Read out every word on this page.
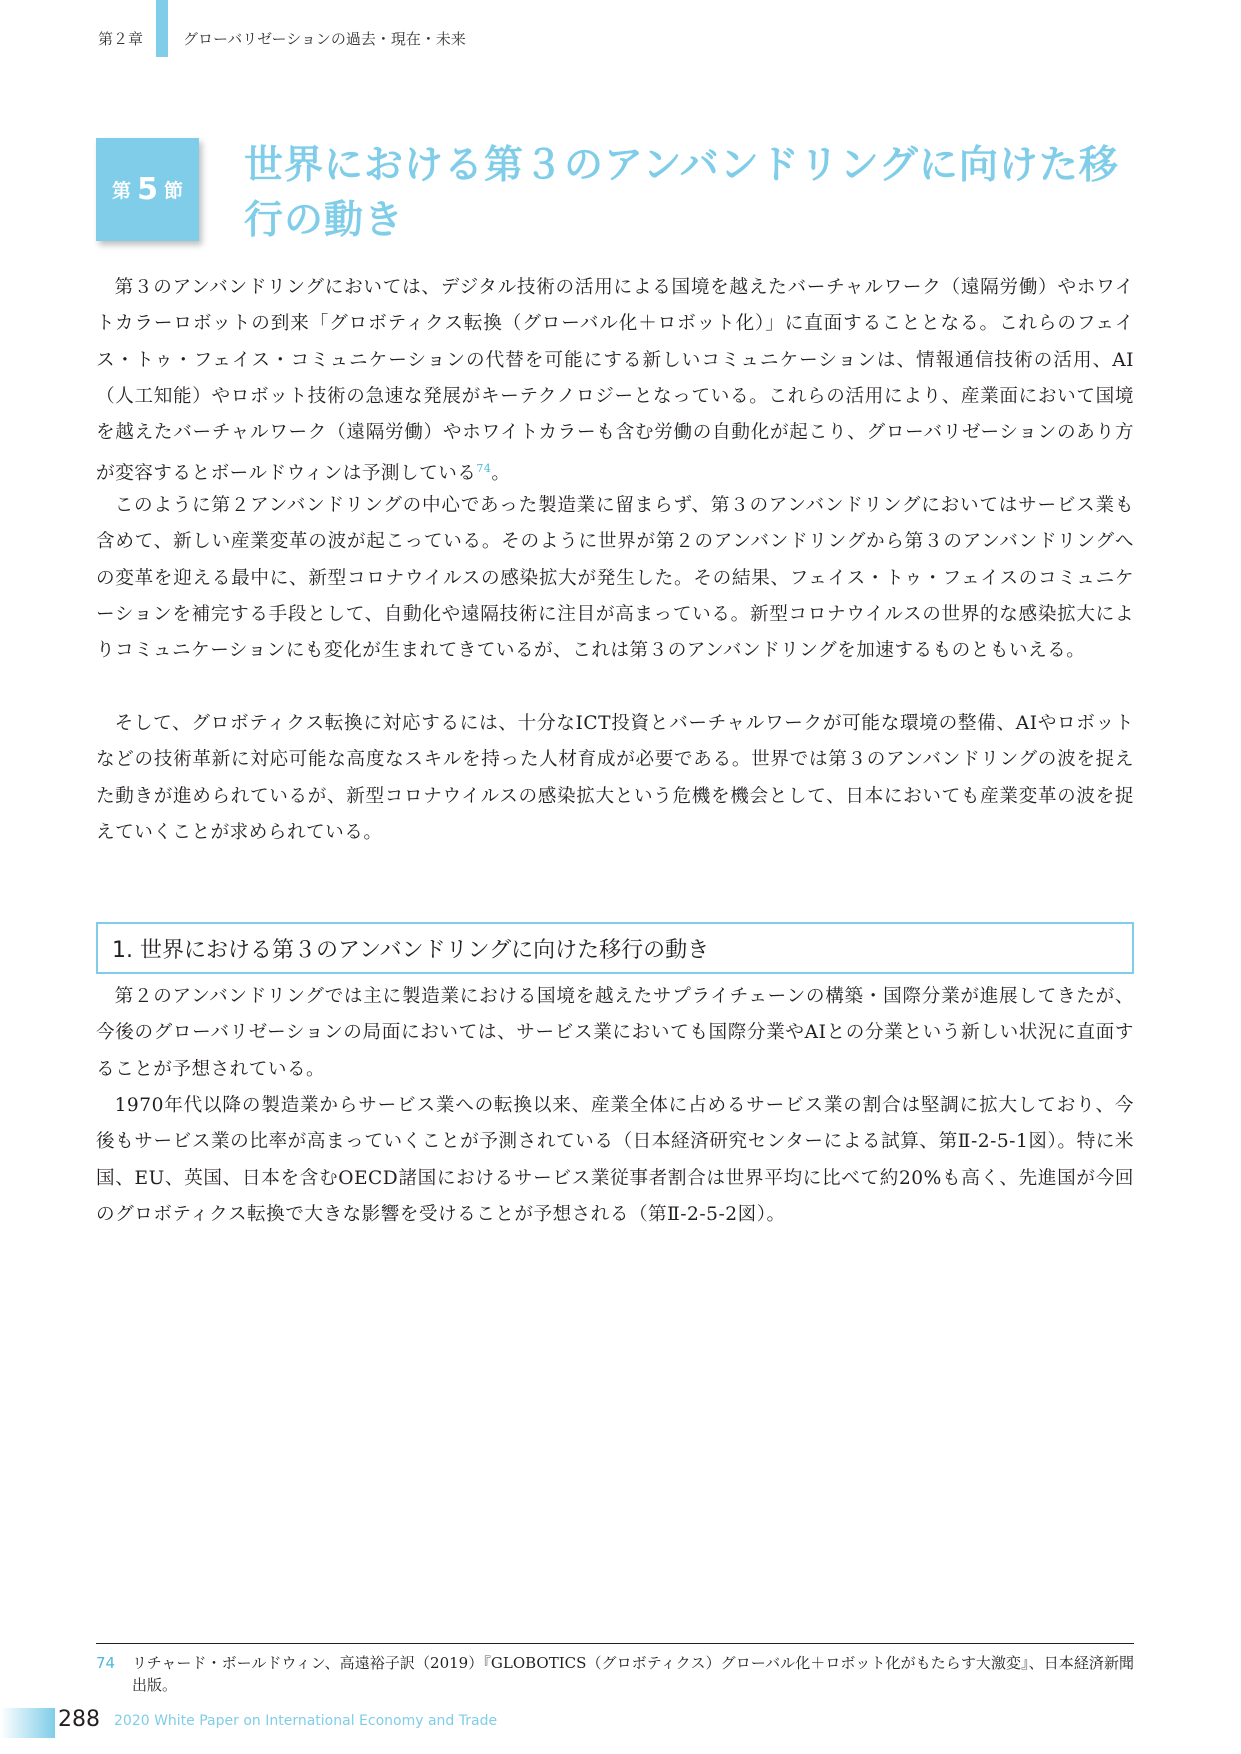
第２章	グローバリゼーションの過去・現在・未来
第 5 節
世界における第３のアンバンドリングに向けた移行の動き

第３のアンバンドリングにおいては、デジタル技術の活用による国境を越えたバーチャルワーク（遠隔労働）やホワイトカラーロボットの到来「グロボティクス転換（グローバル化＋ロボット化）」に直面することとなる。これらのフェイス・トゥ・フェイス・コミュニケーションの代替を可能にする新しいコミュニケーションは、情報通信技術の活用、AI（人工知能）やロボット技術の急速な発展がキーテクノロジーとなっている。これらの活用により、産業面において国境を越えたバーチャルワーク（遠隔労働）やホワイトカラーも含む労働の自動化が起こり、グローバリゼーションのあり方が変容するとボールドウィンは予測している$^{74}$。

このように第２アンバンドリングの中心であった製造業に留まらず、第３のアンバンドリングにおいてはサービス業も含めて、新しい産業変革の波が起こっている。そのように世界が第２のアンバンドリングから第３のアンバンドリングへの変革を迎える最中に、新型コロナウイルスの感染拡大が発生した。その結果、フェイス・トゥ・フェイスのコミュニケーションを補完する手段として、自動化や遠隔技術に注目が高まっている。新型コロナウイルスの世界的な感染拡大によりコミュニケーションにも変化が生まれてきているが、これは第３のアンバンドリングを加速するものともいえる。

そして、グロボティクス転換に対応するには、十分なICT投資とバーチャルワークが可能な環境の整備、AIやロボットなどの技術革新に対応可能な高度なスキルを持った人材育成が必要である。世界では第３のアンバンドリングの波を捉えた動きが進められているが、新型コロナウイルスの感染拡大という危機を機会として、日本においても産業変革の波を捉えていくことが求められている。

1. 世界における第３のアンバンドリングに向けた移行の動き

第２のアンバンドリングでは主に製造業における国境を越えたサプライチェーンの構築・国際分業が進展してきたが、今後のグローバリゼーションの局面においては、サービス業においても国際分業やAIとの分業という新しい状況に直面することが予想されている。

1970年代以降の製造業からサービス業への転換以来、産業全体に占めるサービス業の割合は堅調に拡大しており、今後もサービス業の比率が高まっていくことが予測されている（日本経済研究センターによる試算、第Ⅱ-2-5-1図）。特に米国、EU、英国、日本を含むOECD諸国におけるサービス業従事者割合は世界平均に比べて約20%も高く、先進国が今回のグロボティクス転換で大きな影響を受けることが予想される（第Ⅱ-2-5-2図）。

74	リチャード・ボールドウィン、高遠裕子訳（2019）『GLOBOTICS（グロボティクス）グローバル化＋ロボット化がもたらす大激変』、日本経済新聞出版。
288 2020 White Paper on International Economy and Trade
